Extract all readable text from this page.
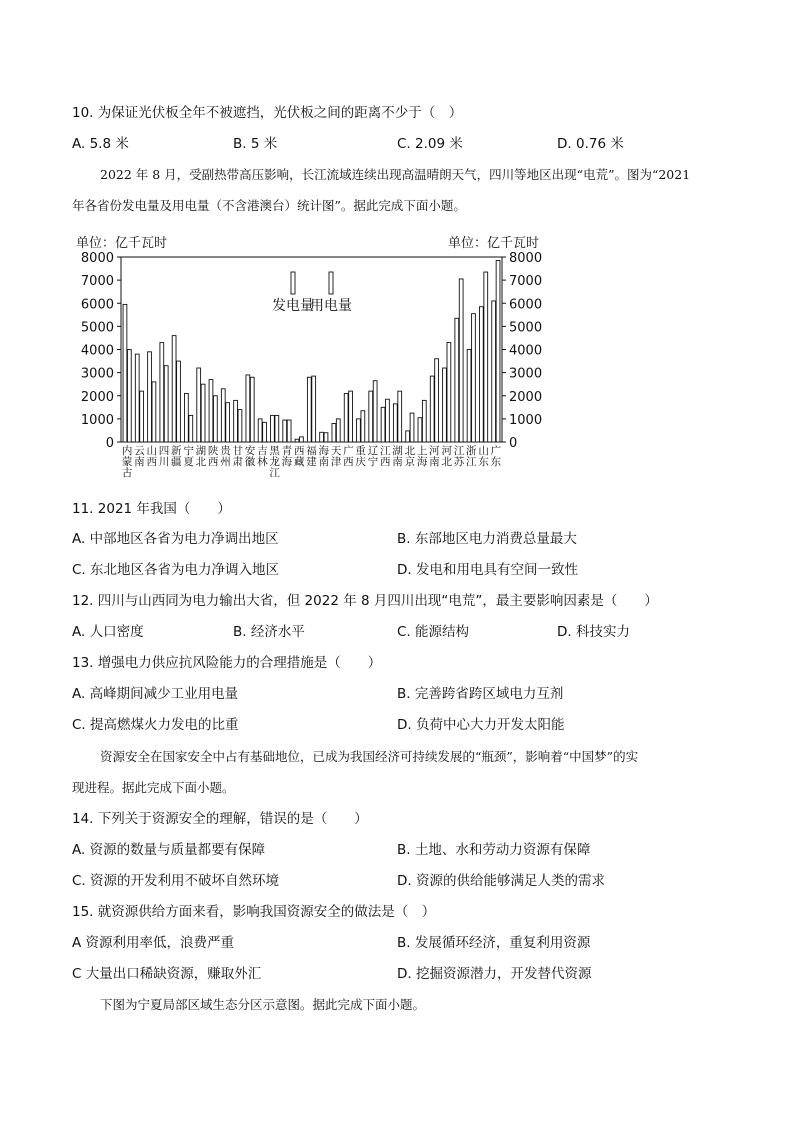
10. 为保证光伏板全年不被遮挡，光伏板之间的距离不少于（　）
A. 5.8 米	B. 5 米	C. 2.09 米	D. 0.76 米
2022 年 8 月，受副热带高压影响，长江流域连续出现高温晴朗天气，四川等地区出现“电荒”。图为“2021
年各省份发电量及用电量（不含港澳台）统计图”。据此完成下面小题。
单位：亿千瓦时	单位：亿千瓦时
0
1000
2000
3000
4000
5000
6000
7000
8000
0
1000
2000
3000
4000
5000
6000
7000
8000
内
蒙
古
云
南
山
西
四
川
新
疆
宁
夏
湖
北
陕
西
贵
州
甘
肃
安
徽
吉
林
黑
龙
江
青
海
西
藏
福
建
海
南
天
津
广
西
重
庆
辽
宁
江
西
湖
南
北
京
上
海
河
南
河
北
江
苏
浙
江
山
东
广
东
发电量
用电量
11. 2021 年我国（　　）
A. 中部地区各省为电力净调出地区	B. 东部地区电力消费总量最大
C. 东北地区各省为电力净调入地区	D. 发电和用电具有空间一致性
12. 四川与山西同为电力输出大省，但 2022 年 8 月四川出现“电荒”，最主要影响因素是（　　）
A. 人口密度	B. 经济水平	C. 能源结构	D. 科技实力
13. 增强电力供应抗风险能力的合理措施是（　　）
A. 高峰期间减少工业用电量	B. 完善跨省跨区域电力互剂
C. 提高燃煤火力发电的比重	D. 负荷中心大力开发太阳能
资源安全在国家安全中占有基础地位，已成为我国经济可持续发展的“瓶颈”，影响着“中国梦”的实
现进程。据此完成下面小题。
14. 下列关于资源安全的理解，错误的是（　　）
A. 资源的数量与质量都要有保障	B. 土地、水和劳动力资源有保障
C. 资源的开发利用不破坏自然环境	D. 资源的供给能够满足人类的需求
15. 就资源供给方面来看，影响我国资源安全的做法是（　）
A 资源利用率低，浪费严重	B. 发展循环经济，重复利用资源
C 大量出口稀缺资源，赚取外汇	D. 挖掘资源潜力，开发替代资源
下图为宁夏局部区域生态分区示意图。据此完成下面小题。
